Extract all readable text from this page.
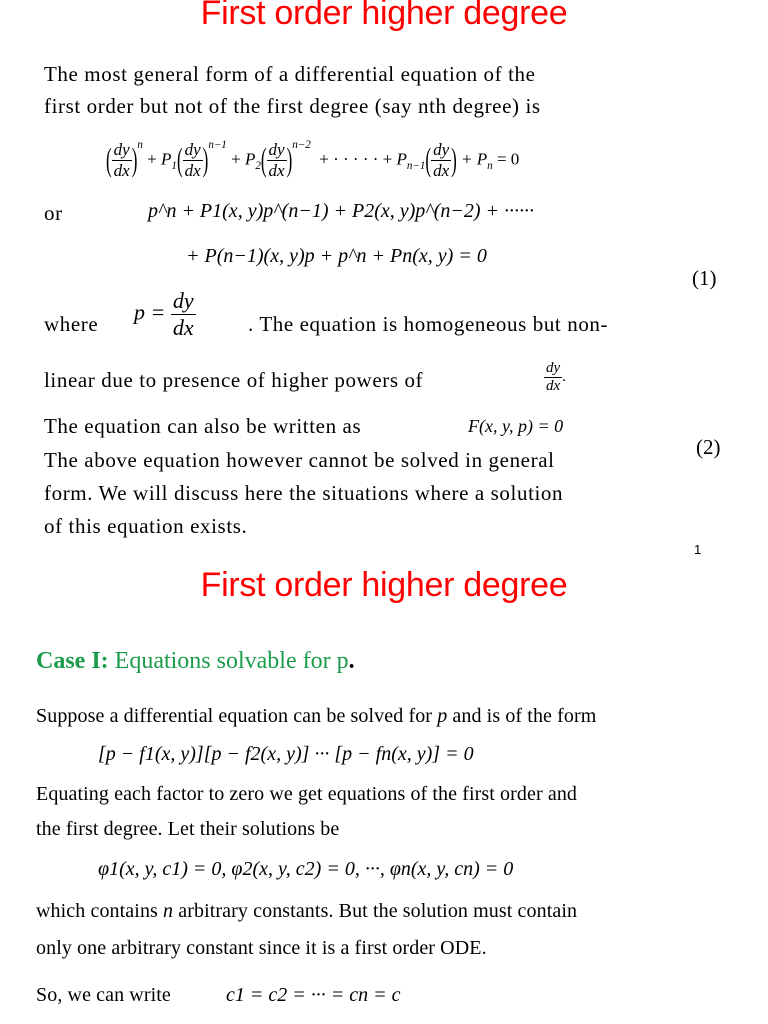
First order higher degree

The most general form of a differential equation of the

first order but not of the first degree (say nth degree) is

( $\frac{dy}{dx} )^n + P_1( \frac{dy}{dx} )^{n-1} + P_2( \frac{dy}{dx} )^{n-2}$  + · · · · · + $P_{n-1}( \frac{dy}{dx}$ ) + $P_n = 0$

or	p^n + P1(x, y)p^(n−1) + P2(x, y)p^(n−2) + ······
+ P(n−1)(x, y)p + p^n + Pn(x, y) = 0

(1)

where $p = \frac{dy}{dx}$ . The equation is homogeneous but non-

linear due to presence of higher powers of	$\frac{dy}{dx}$ .

The equation can also be written as	F(x, y, p) = 0

(2)

The above equation however cannot be solved in general

form. We will discuss here the situations where a solution

of this equation exists.

1
First order higher degree
Case I: Equations solvable for p.

Suppose a differential equation can be solved for p and is of the form

[p − f1(x, y)][p − f2(x, y)] ··· [p − fn(x, y)] = 0

Equating each factor to zero we get equations of the first order and

the first degree. Let their solutions be

φ1(x, y, c1) = 0, φ2(x, y, c2) = 0, ···, φn(x, y, cn) = 0

which contains n arbitrary constants. But the solution must contain

only one arbitrary constant since it is a first order ODE.

So, we can write	c1 = c2 = ··· = cn = c
